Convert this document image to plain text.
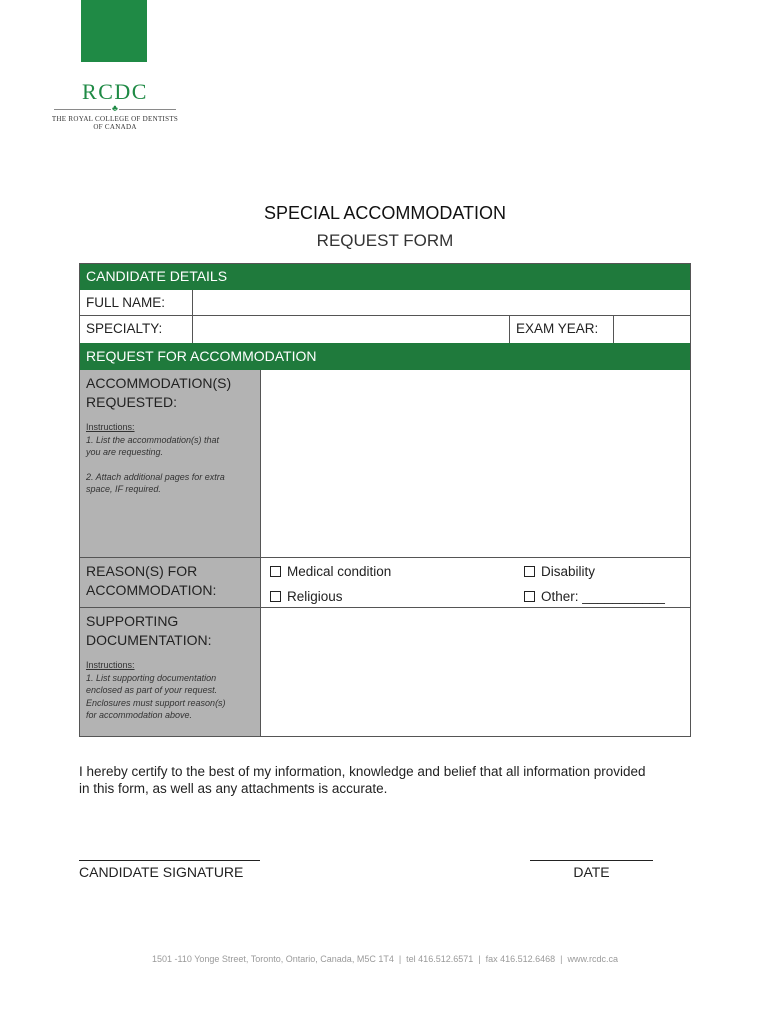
RCDC
♣
THE ROYAL COLLEGE OF DENTISTS
OF CANADA
SPECIAL ACCOMMODATION
REQUEST FORM
CANDIDATE DETAILS
FULL NAME:
SPECIALTY:	EXAM YEAR:
REQUEST FOR ACCOMMODATION
ACCOMMODATION(S)
REQUESTED:
Instructions:
1. List the accommodation(s) that
you are requesting.
2. Attach additional pages for extra
space, IF required.
REASON(S) FOR
ACCOMMODATION:
Medical condition	Disability
Religious	Other: ___________
SUPPORTING
DOCUMENTATION:
Instructions:
1. List supporting documentation
enclosed as part of your request.
Enclosures must support reason(s)
for accommodation above.
I hereby certify to the best of my information, knowledge and belief that all information provided
in this form, as well as any attachments is accurate.
CANDIDATE SIGNATURE	DATE
1501 -110 Yonge Street, Toronto, Ontario, Canada, M5C 1T4 | tel 416.512.6571 | fax 416.512.6468 | www.rcdc.ca
